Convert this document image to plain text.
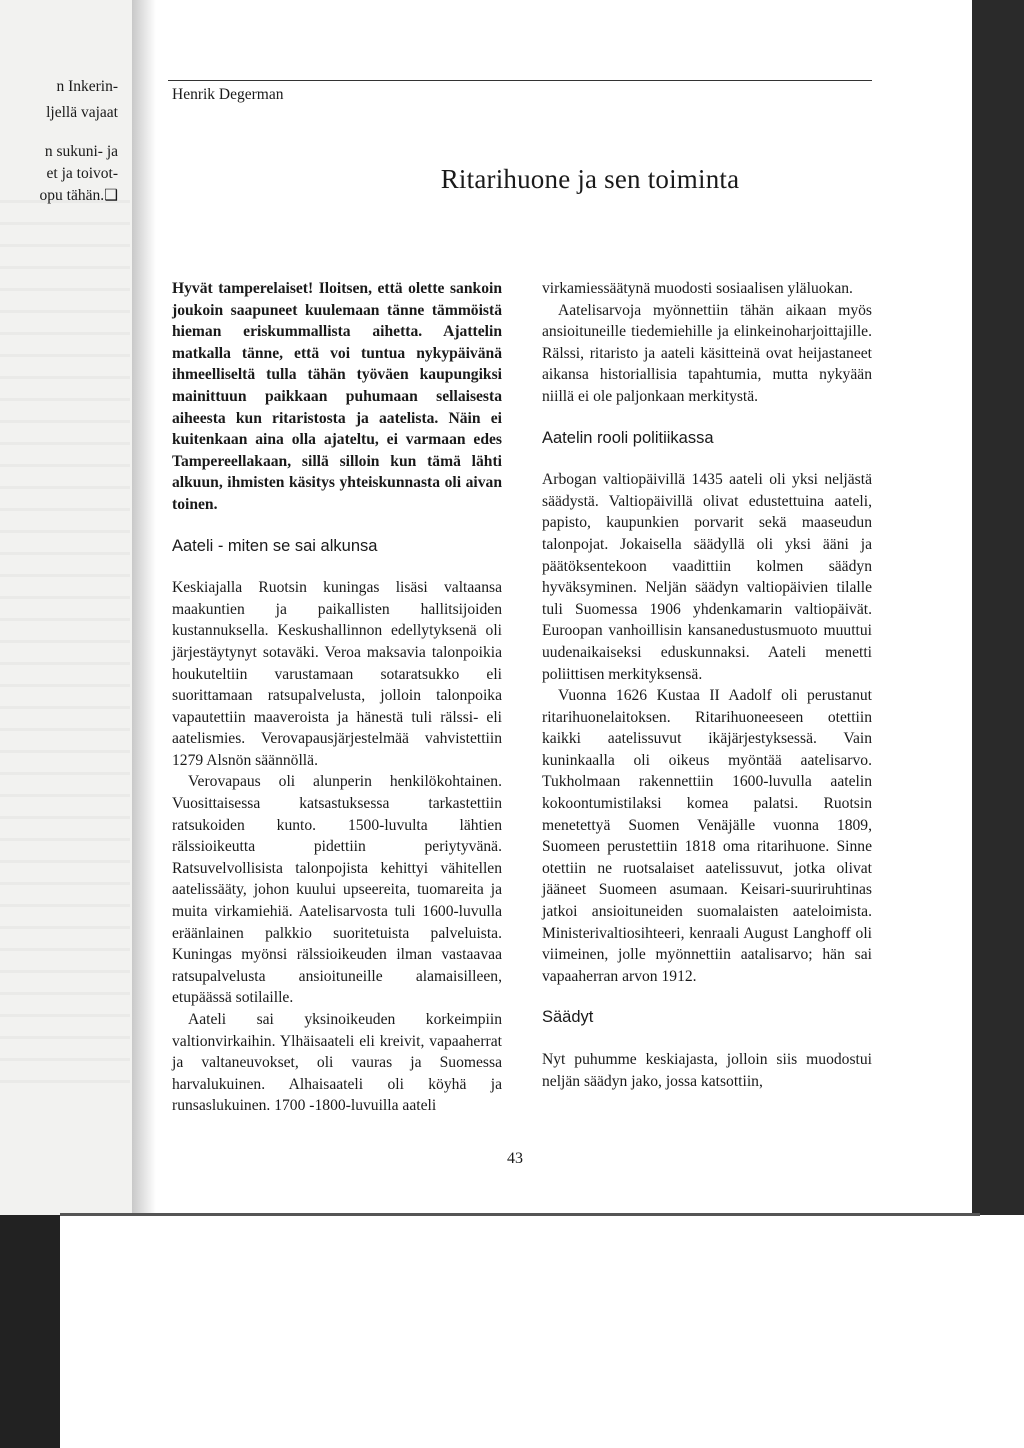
n Inkerin-
ljellä vajaat
n sukuni- ja
et ja toivot-
opu tähän.❑
Henrik Degerman
Ritarihuone ja sen toiminta

Hyvät tamperelaiset! Iloitsen, että olette sankoin joukoin saapuneet kuulemaan tänne tämmöistä hieman eriskummallista aihetta. Ajattelin matkalla tänne, että voi tuntua nykypäivänä ihmeelliseltä tulla tähän työväen kaupungiksi mainittuun paikkaan puhumaan sellaisesta aiheesta kun ritaristosta ja aatelista. Näin ei kuitenkaan aina olla ajateltu, ei varmaan edes Tampereellakaan, sillä silloin kun tämä lähti alkuun, ihmisten käsitys yhteiskunnasta oli aivan toinen.

Aateli - miten se sai alkunsa

Keskiajalla Ruotsin kuningas lisäsi valtaansa maakuntien ja paikallisten hallitsijoiden kustannuksella. Keskushallinnon edellytyksenä oli järjestäytynyt sotaväki. Veroa maksavia talonpoikia houkuteltiin varustamaan sotaratsukko eli suorittamaan ratsupalvelusta, jolloin talonpoika vapautettiin maaveroista ja hänestä tuli rälssi- eli aatelismies. Verovapausjärjestelmää vahvistettiin 1279 Alsnön säännöllä.

Verovapaus oli alunperin henkilökohtainen. Vuosittaisessa katsastuksessa tarkastettiin ratsukoiden kunto. 1500-luvulta lähtien rälssioikeutta pidettiin periytyvänä. Ratsuvelvollisista talonpojista kehittyi vähitellen aatelissääty, johon kuului upseereita, tuomareita ja muita virkamiehiä. Aatelisarvosta tuli 1600-luvulla eräänlainen palkkio suoritetuista palveluista. Kuningas myönsi rälssioikeuden ilman vastaavaa ratsupalvelusta ansioituneille alamaisilleen, etupäässä sotilaille.

Aateli sai yksinoikeuden korkeimpiin valtionvirkaihin. Ylhäisaateli eli kreivit, vapaaherrat ja valtaneuvokset, oli vauras ja Suomessa harvalukuinen. Alhaisaateli oli köyhä ja runsaslukuinen. 1700 -1800-luvuilla aateli

virkamiessäätynä muodosti sosiaalisen yläluokan.

Aatelisarvoja myönnettiin tähän aikaan myös ansioituneille tiedemiehille ja elinkeinoharjoittajille. Rälssi, ritaristo ja aateli käsitteinä ovat heijastaneet aikansa historiallisia tapahtumia, mutta nykyään niillä ei ole paljonkaan merkitystä.

Aatelin rooli politiikassa

Arbogan valtiopäivillä 1435 aateli oli yksi neljästä säädystä. Valtiopäivillä olivat edustettuina aateli, papisto, kaupunkien porvarit sekä maaseudun talonpojat. Jokaisella säädyllä oli yksi ääni ja päätöksentekoon vaadittiin kolmen säädyn hyväksyminen. Neljän säädyn valtiopäivien tilalle tuli Suomessa 1906 yhdenkamarin valtiopäivät. Euroopan vanhoillisin kansanedustusmuoto muuttui uudenaikaiseksi eduskunnaksi. Aateli menetti poliittisen merkityksensä.

Vuonna 1626 Kustaa II Aadolf oli perustanut ritarihuonelaitoksen. Ritarihuoneeseen otettiin kaikki aatelissuvut ikäjärjestyksessä. Vain kuninkaalla oli oikeus myöntää aatelisarvo. Tukholmaan rakennettiin 1600-luvulla aatelin kokoontumistilaksi komea palatsi. Ruotsin menetettyä Suomen Venäjälle vuonna 1809, Suomeen perustettiin 1818 oma ritarihuone. Sinne otettiin ne ruotsalaiset aatelissuvut, jotka olivat jääneet Suomeen asumaan. Keisari-suuriruhtinas jatkoi ansioituneiden suomalaisten aateloimista. Ministerivaltiosihteeri, kenraali August Langhoff oli viimeinen, jolle myönnettiin aatalisarvo; hän sai vapaaherran arvon 1912.

Säädyt

Nyt puhumme keskiajasta, jolloin siis muodostui neljän säädyn jako, jossa katsottiin,

43
